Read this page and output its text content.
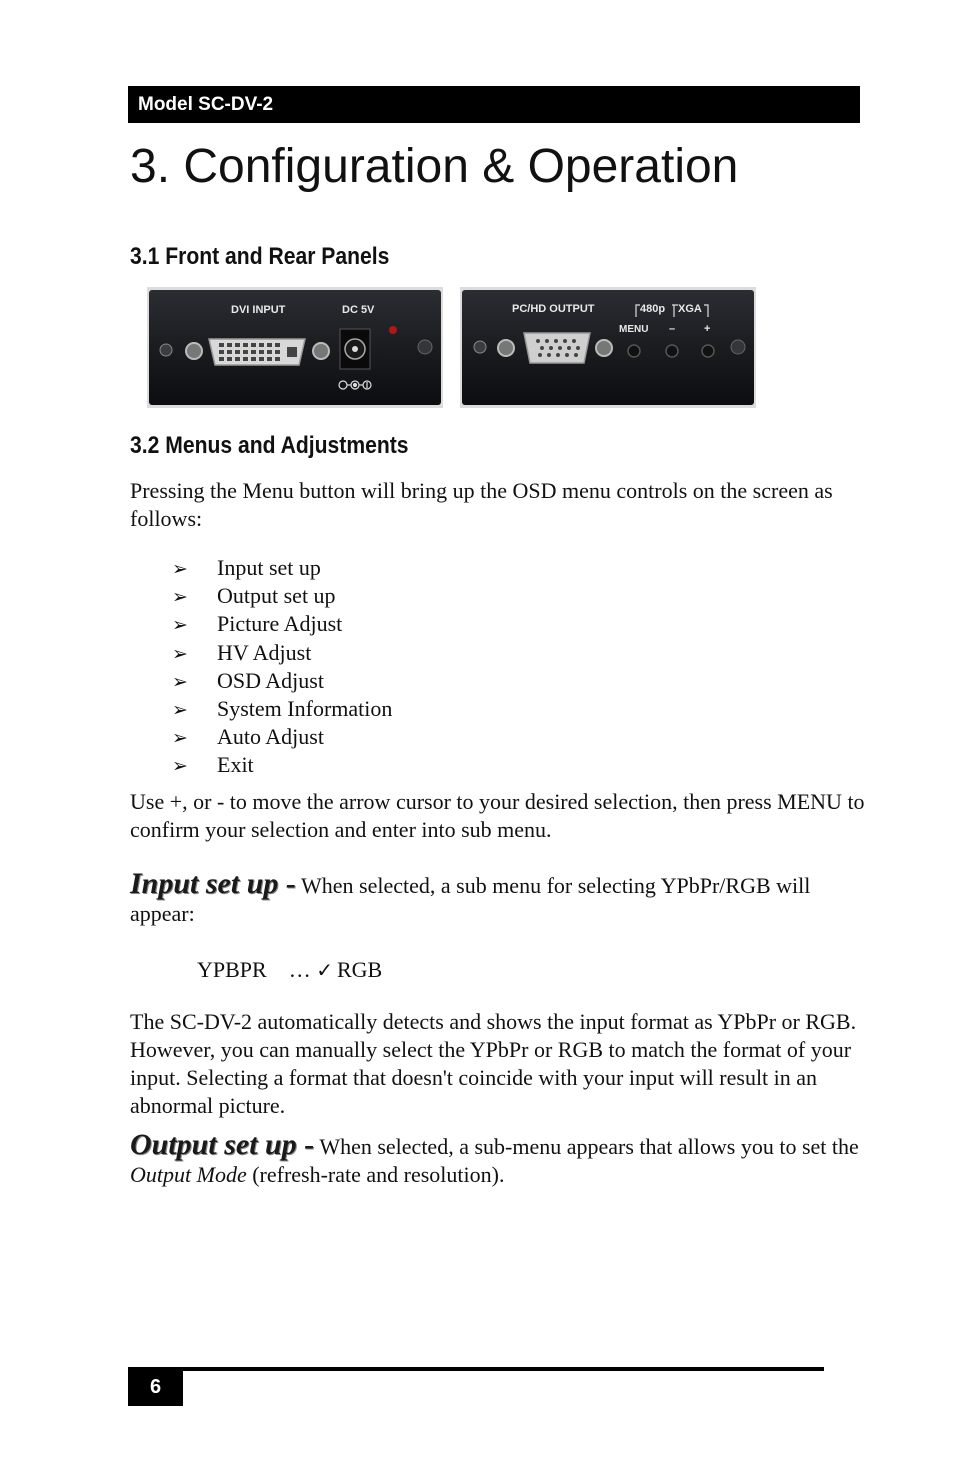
Model SC-DV-2
3. Configuration & Operation
3.1 Front and Rear Panels
DVI INPUT	DC 5V	PC/HD OUTPUT	480p XGA
MENU –	+
3.2 Menus and Adjustments

Pressing the Menu button will bring up the OSD menu controls on the screen as follows:

➢ Input set up
➢ Output set up
➢ Picture Adjust
➢ HV Adjust
➢ OSD Adjust
➢ System Information
➢ Auto Adjust
➢ Exit

Use +, or - to move the arrow cursor to your desired selection, then press MENU to confirm your selection and enter into sub menu.

Input set up - When selected, a sub menu for selecting YPbPr/RGB will appear:

YPBPR … ✓ RGB

The SC-DV-2 automatically detects and shows the input format as YPbPr or RGB. However, you can manually select the YPbPr or RGB to match the format of your input. Selecting a format that doesn't coincide with your input will result in an abnormal picture.

Output set up - When selected, a sub-menu appears that allows you to set the Output Mode (refresh-rate and resolution).

6
